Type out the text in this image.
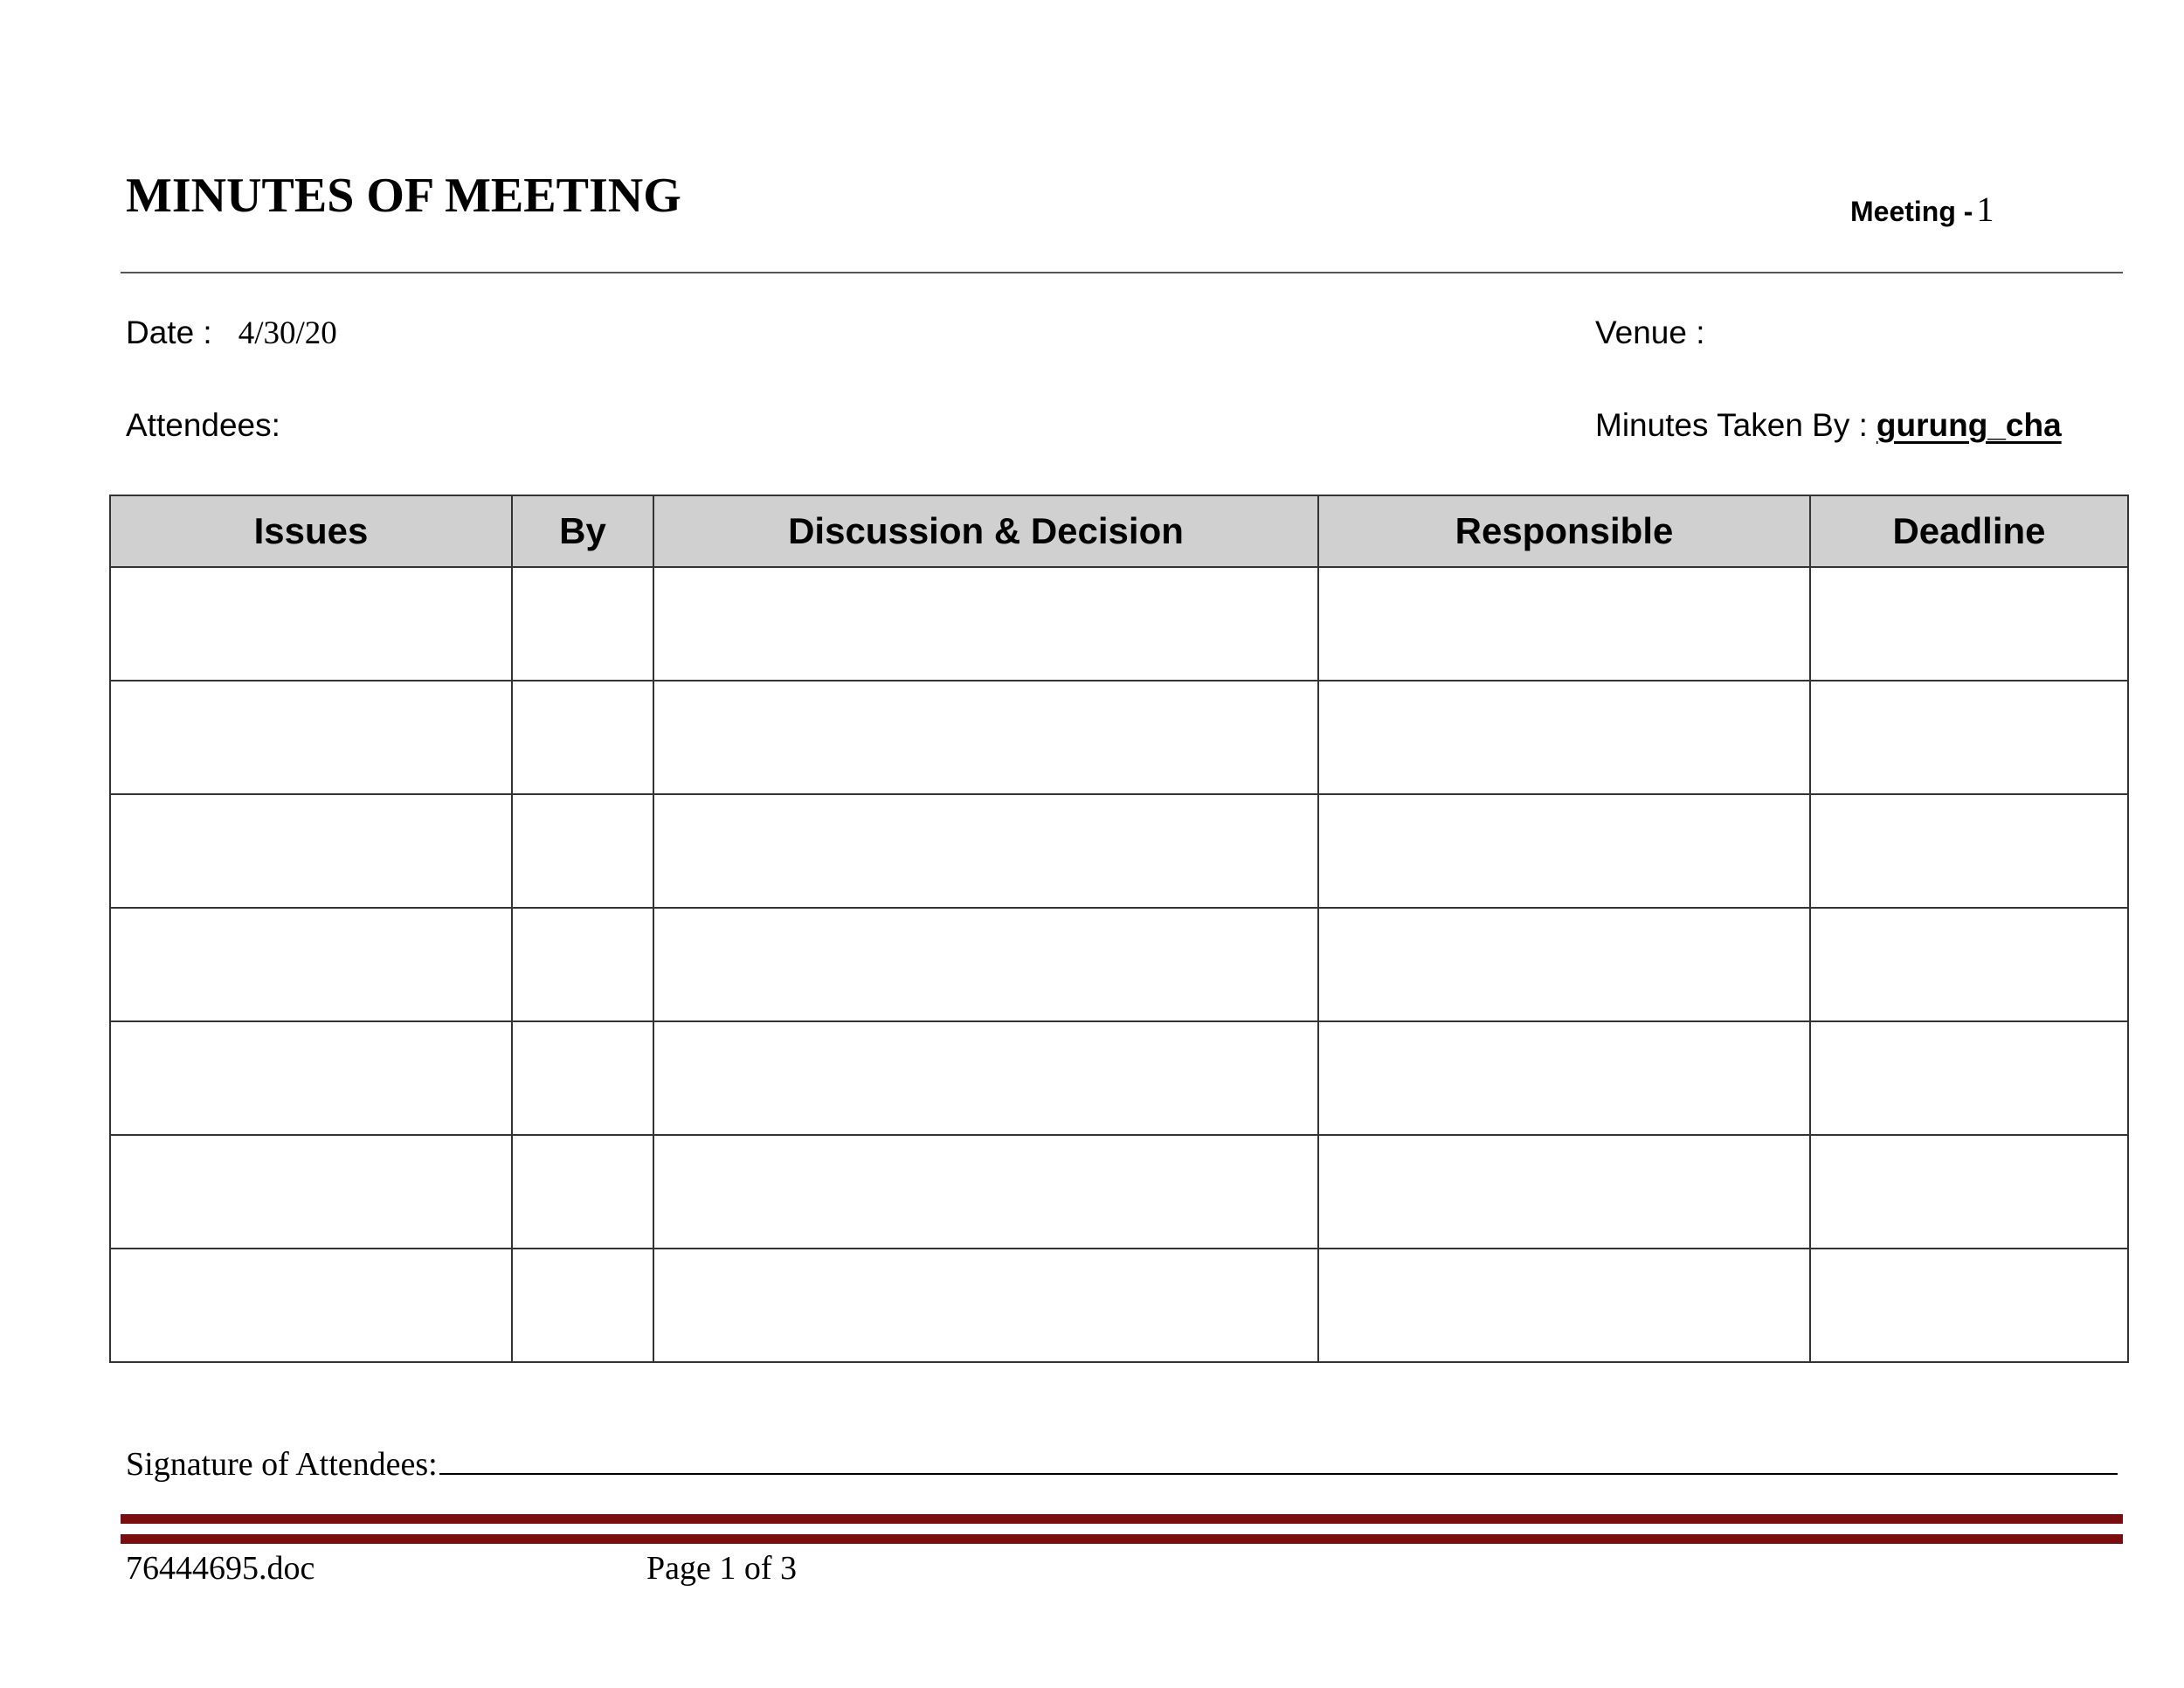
MINUTES OF MEETING	Meeting - 1
Date : 4/30/20	Venue :
Attendees:	Minutes Taken By : gurung_cha
Issues	By	Discussion & Decision	Responsible	Deadline

Signature of Attendees:
76444695.doc	Page 1 of 3
